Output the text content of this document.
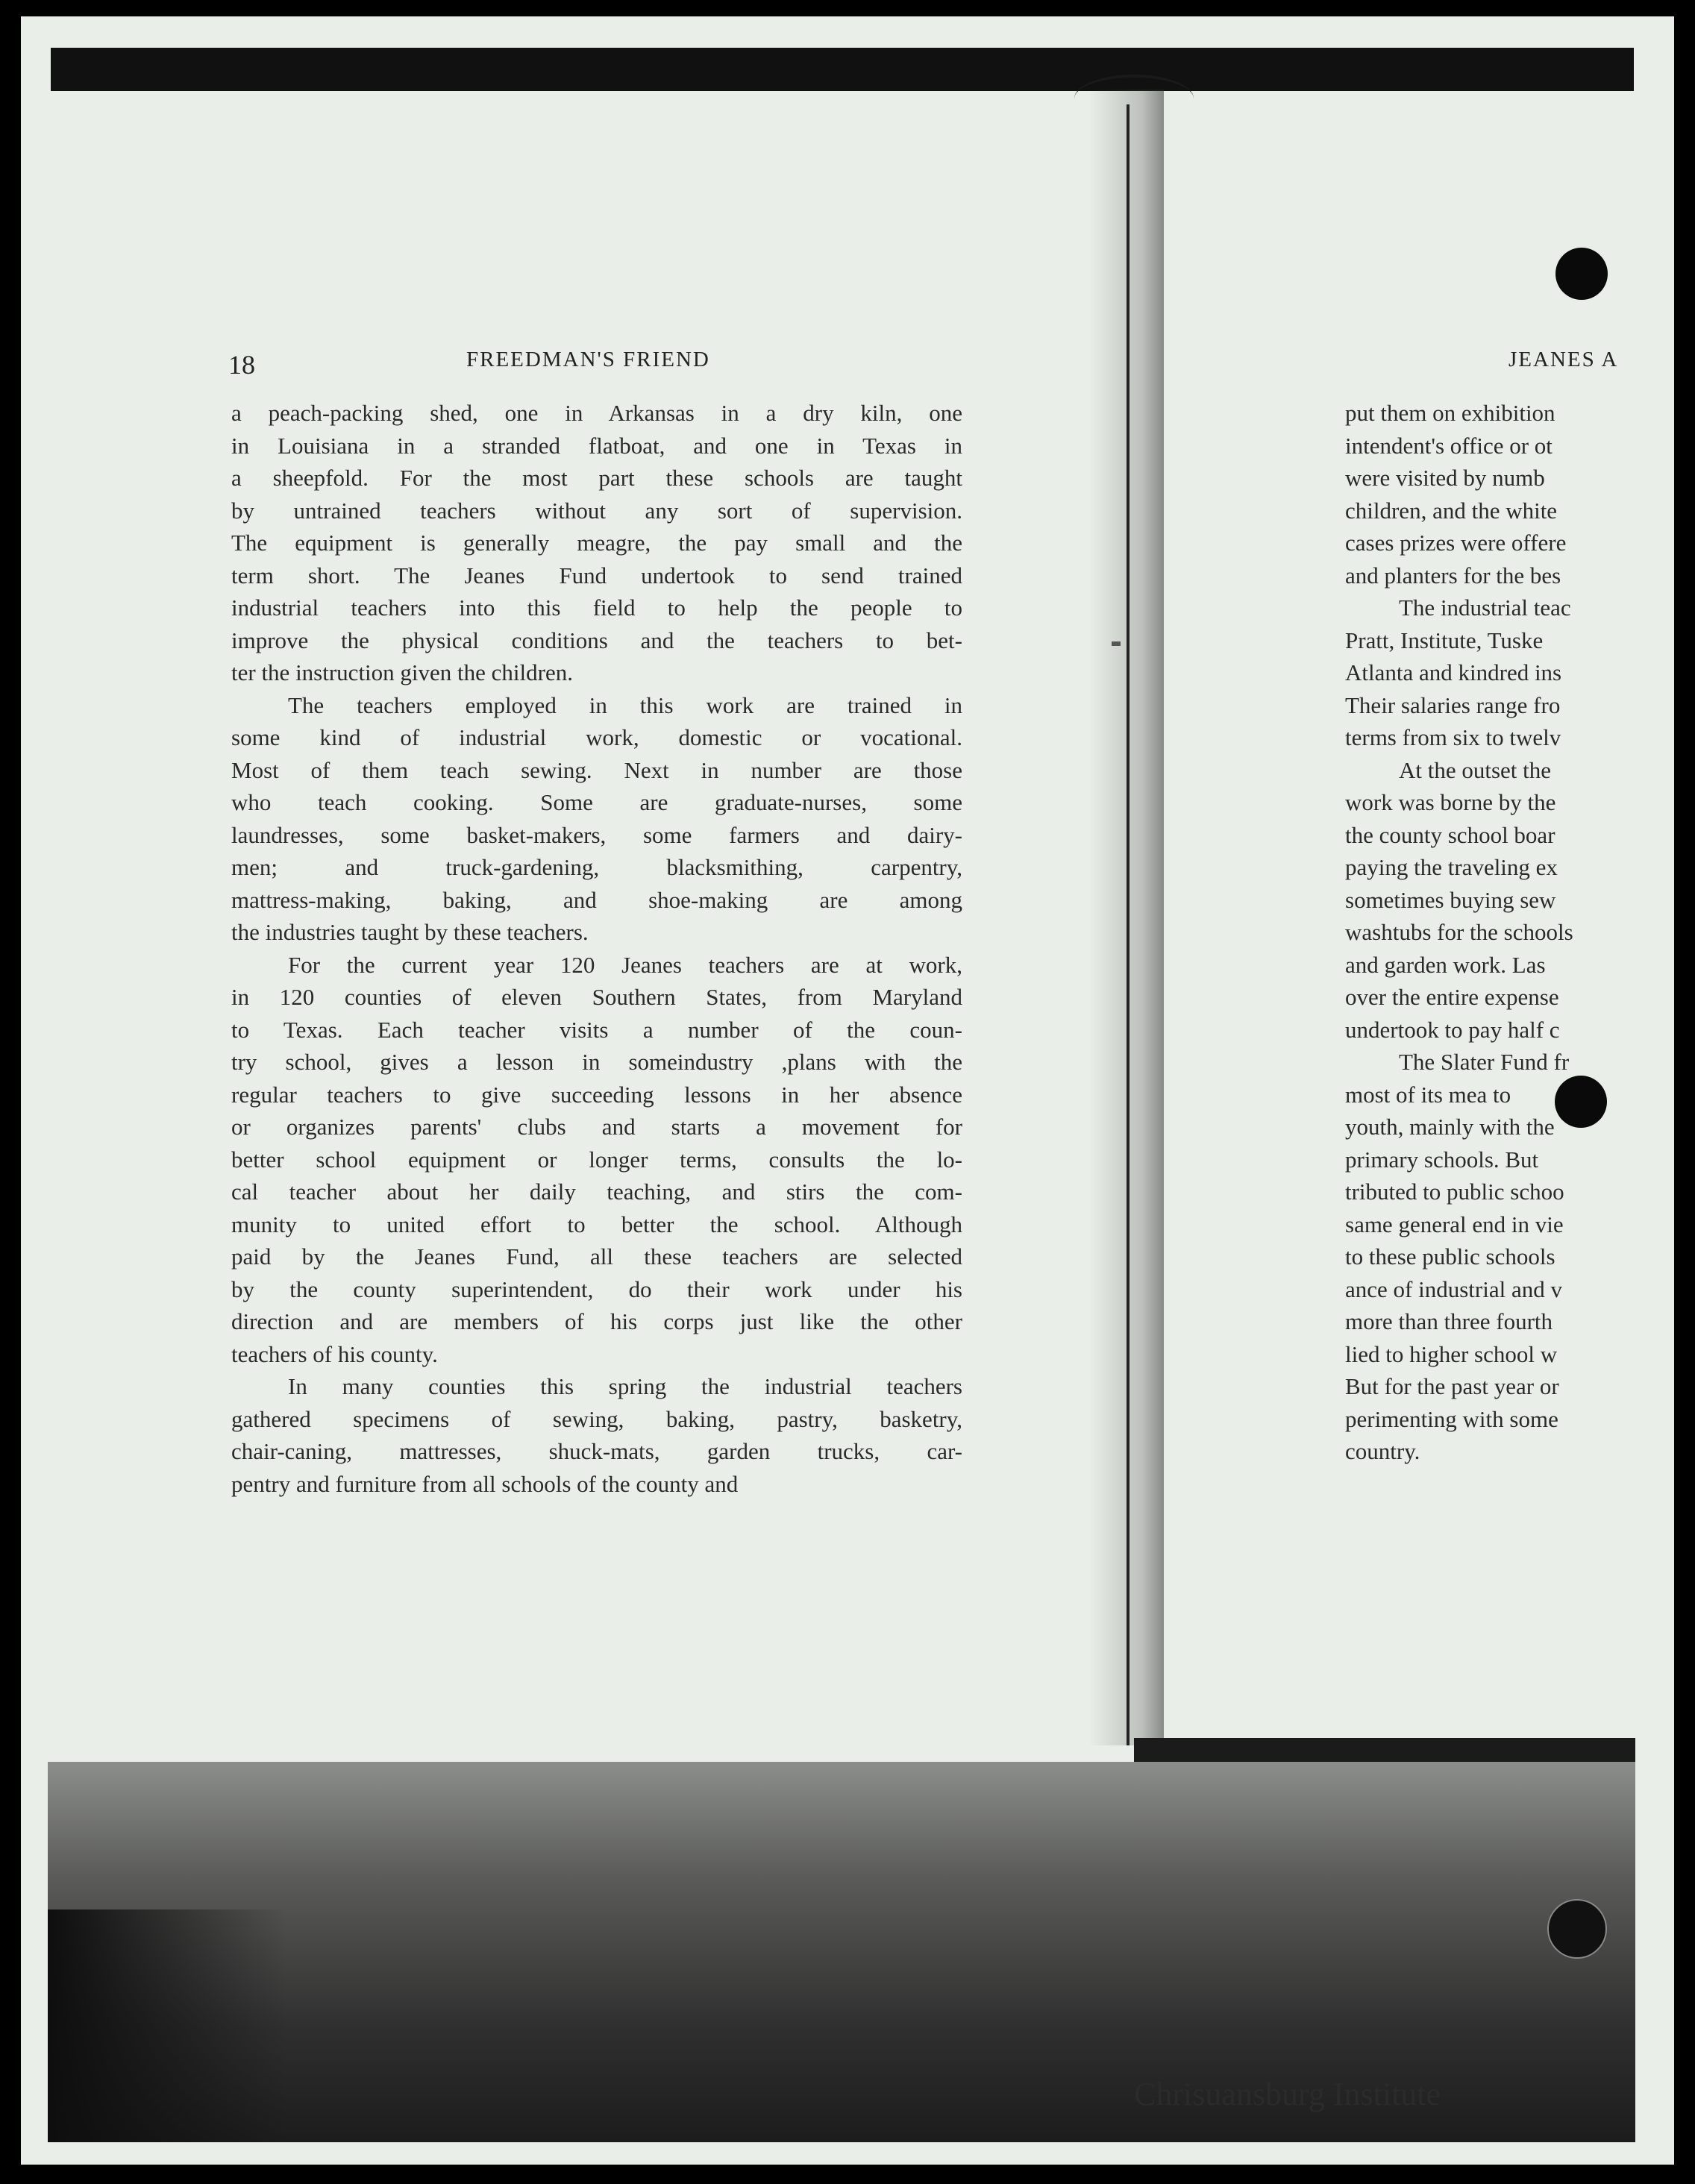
18	FREEDMAN'S FRIEND	JEANES A
a peach-packing shed, one in Arkansas in a dry kiln, one
in Louisiana in a stranded flatboat, and one in Texas in
a sheepfold. For the most part these schools are taught
by untrained teachers without any sort of supervision.
The equipment is generally meagre, the pay small and the
term short. The Jeanes Fund undertook to send trained
industrial teachers into this field to help the people to
improve the physical conditions and the teachers to bet-
ter the instruction given the children.
The teachers employed in this work are trained in
some kind of industrial work, domestic or vocational.
Most of them teach sewing. Next in number are those
who teach cooking. Some are graduate-nurses, some
laundresses, some basket-makers, some farmers and dairy-
men; and truck-gardening, blacksmithing, carpentry,
mattress-making, baking, and shoe-making are among
the industries taught by these teachers.
For the current year 120 Jeanes teachers are at work,
in 120 counties of eleven Southern States, from Maryland
to Texas. Each teacher visits a number of the coun-
try school, gives a lesson in someindustry ,plans with the
regular teachers to give succeeding lessons in her absence
or organizes parents' clubs and starts a movement for
better school equipment or longer terms, consults the lo-
cal teacher about her daily teaching, and stirs the com-
munity to united effort to better the school. Although
paid by the Jeanes Fund, all these teachers are selected
by the county superintendent, do their work under his
direction and are members of his corps just like the other
teachers of his county.
In many counties this spring the industrial teachers
gathered specimens of sewing, baking, pastry, basketry,
chair-caning, mattresses, shuck-mats, garden trucks, car-
pentry and furniture from all schools of the county and
put them on exhibition
intendent's office or ot
were visited by numb
children, and the white
cases prizes were offere
and planters for the bes
The industrial teac
Pratt, Institute, Tuske
Atlanta and kindred ins
Their salaries range fro
terms from six to twelv
At the outset the
work was borne by the
the county school boar
paying the traveling ex
sometimes buying sew
washtubs for the schools
and garden work. Las
over the entire expense
undertook to pay half c
The Slater Fund fr
most of its mea to
youth, mainly with the
primary schools. But
tributed to public schoo
same general end in vie
to these public schools
ance of industrial and v
more than three fourth
lied to higher school w
But for the past year or
perimenting with some
country.
Chrisuansburg Institute
